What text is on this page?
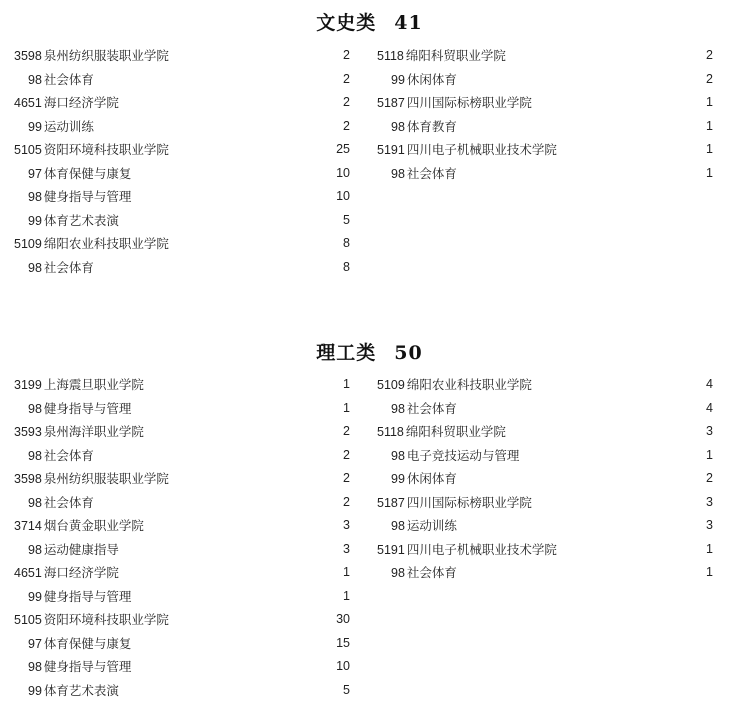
文史类 41
3598 泉州纺织服装职业学院	2
98 社会体育	2
4651 海口经济学院	2
99 运动训练	2
5105 资阳环境科技职业学院	25
97 体育保健与康复	10
98 健身指导与管理	10
99 体育艺术表演	5
5109 绵阳农业科技职业学院	8
98 社会体育	8
5118 绵阳科贸职业学院	2
99 休闲体育	2
5187 四川国际标榜职业学院	1
98 体育教育	1
5191 四川电子机械职业技术学院	1
98 社会体育	1
理工类 50
3199 上海震旦职业学院	1
98 健身指导与管理	1
3593 泉州海洋职业学院	2
98 社会体育	2
3598 泉州纺织服装职业学院	2
98 社会体育	2
3714 烟台黄金职业学院	3
98 运动健康指导	3
4651 海口经济学院	1
99 健身指导与管理	1
5105 资阳环境科技职业学院	30
97 体育保健与康复	15
98 健身指导与管理	10
99 体育艺术表演	5
5109 绵阳农业科技职业学院	4
98 社会体育	4
5118 绵阳科贸职业学院	3
98 电子竞技运动与管理	1
99 休闲体育	2
5187 四川国际标榜职业学院	3
98 运动训练	3
5191 四川电子机械职业技术学院	1
98 社会体育	1
